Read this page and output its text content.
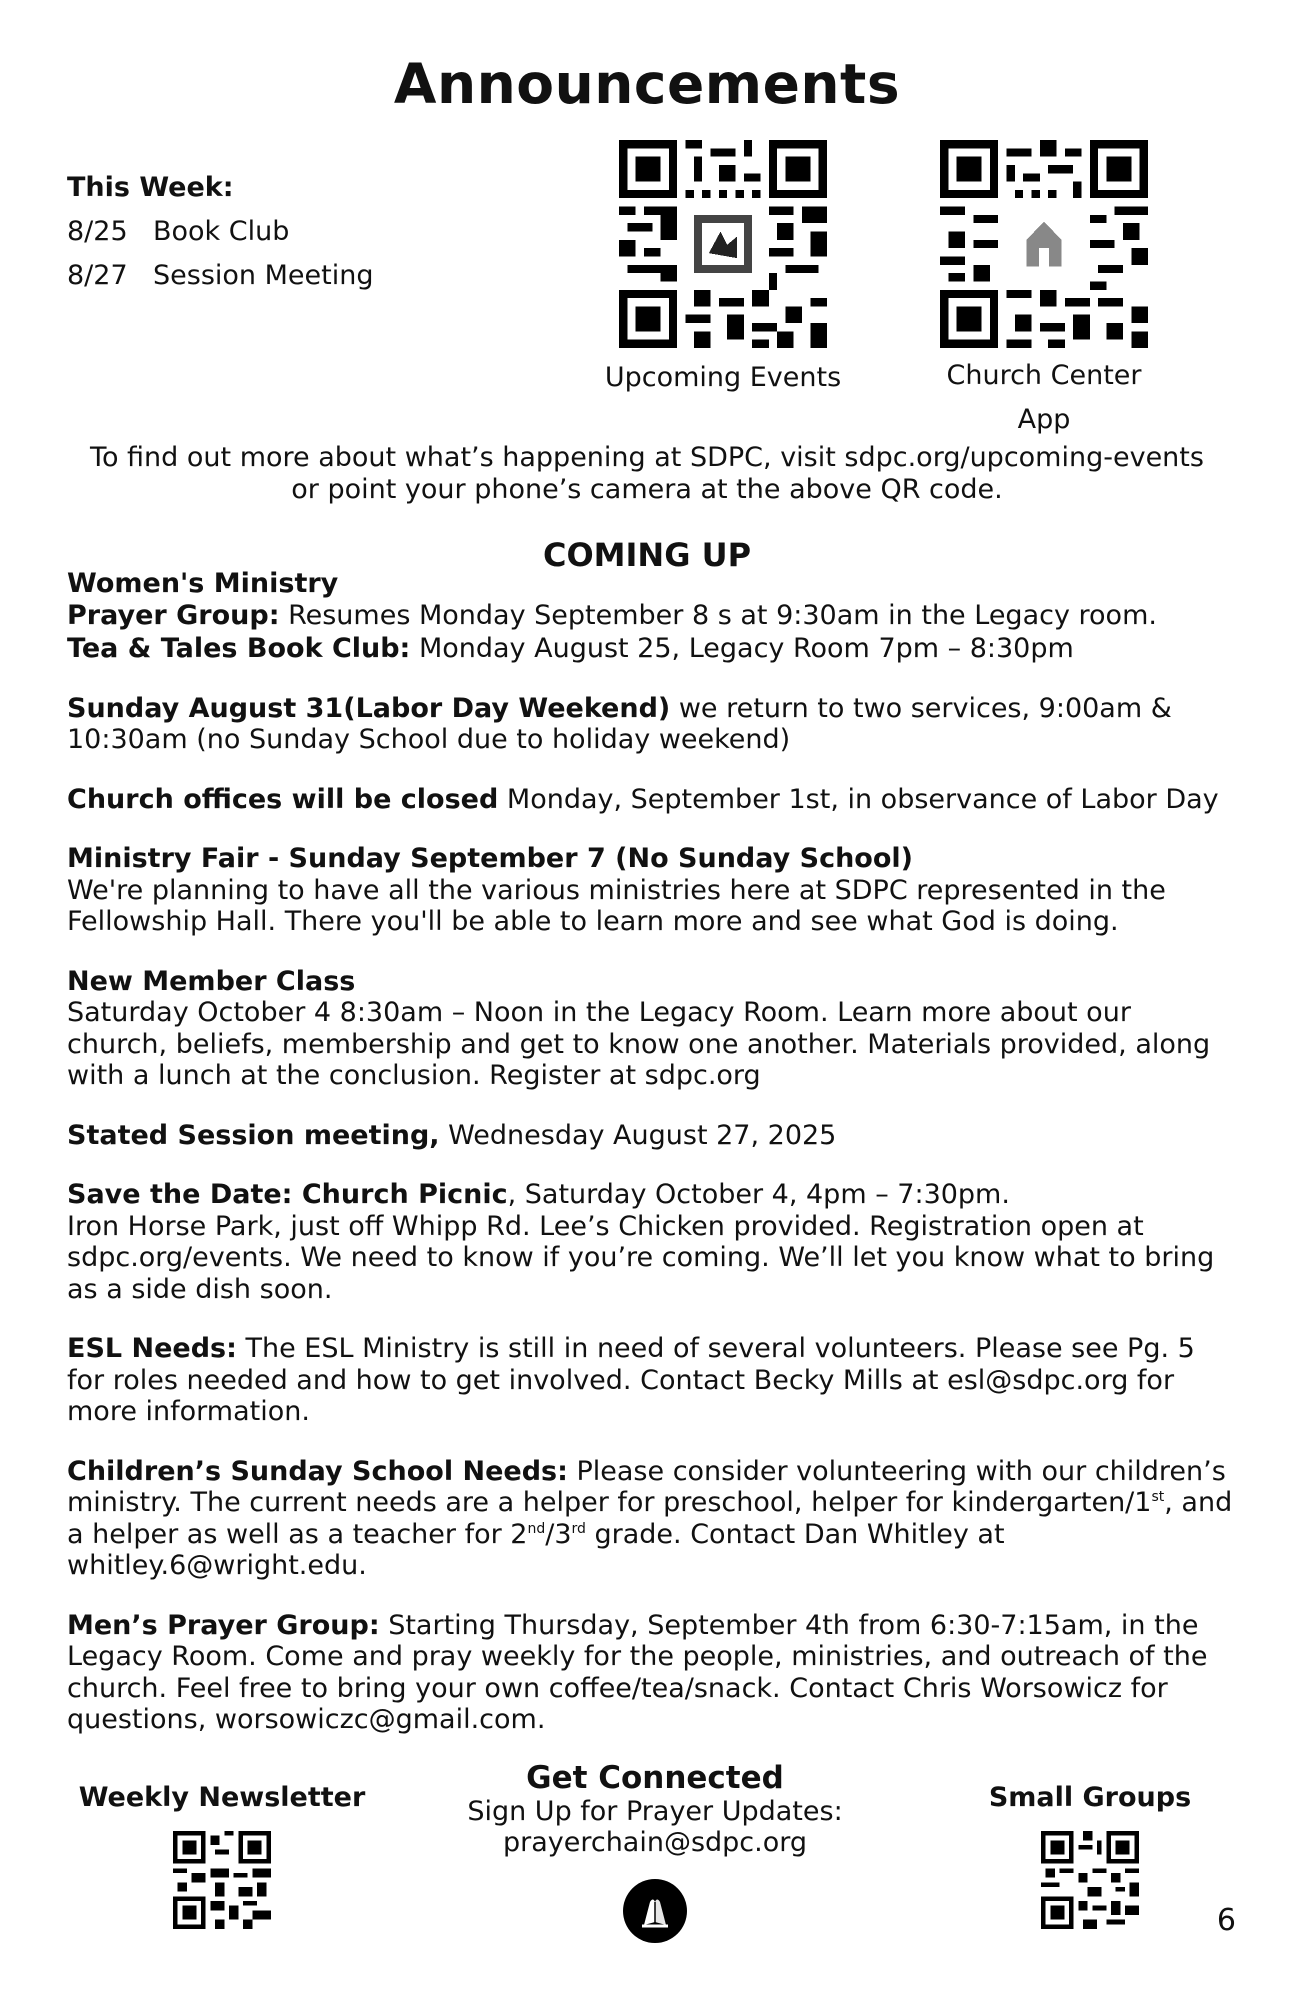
Announcements
This Week:
8/25 Book Club
8/27 Session Meeting
Upcoming Events	Church Center
App
To find out more about what’s happening at SDPC, visit sdpc.org/upcoming-events
or point your phone’s camera at the above QR code.
COMING UP

Women's Ministry
Prayer Group: Resumes Monday September 8 s at 9:30am in the Legacy room.

Tea & Tales Book Club: Monday August 25, Legacy Room 7pm – 8:30pm

Sunday August 31(Labor Day Weekend) we return to two services, 9:00am & 10:30am (no Sunday School due to holiday weekend)

Church offices will be closed Monday, September 1st, in observance of Labor Day

Ministry Fair - Sunday September 7 (No Sunday School)
We're planning to have all the various ministries here at SDPC represented in the Fellowship Hall. There you'll be able to learn more and see what God is doing.

New Member Class
Saturday October 4 8:30am – Noon in the Legacy Room. Learn more about our church, beliefs, membership and get to know one another. Materials provided, along with a lunch at the conclusion. Register at sdpc.org

Stated Session meeting, Wednesday August 27, 2025

Save the Date: Church Picnic, Saturday October 4, 4pm – 7:30pm.
Iron Horse Park, just off Whipp Rd. Lee’s Chicken provided. Registration open at sdpc.org/events. We need to know if you’re coming. We’ll let you know what to bring as a side dish soon.

ESL Needs: The ESL Ministry is still in need of several volunteers. Please see Pg. 5 for roles needed and how to get involved. Contact Becky Mills at esl@sdpc.org for more information.

Children’s Sunday School Needs: Please consider volunteering with our children’s ministry. The current needs are a helper for preschool, helper for kindergarten/1st, and a helper as well as a teacher for 2nd/3rd grade. Contact Dan Whitley at whitley.6@wright.edu.

Men’s Prayer Group: Starting Thursday, September 4th from 6:30-7:15am, in the Legacy Room. Come and pray weekly for the people, ministries, and outreach of the church. Feel free to bring your own coffee/tea/snack. Contact Chris Worsowicz for questions, worsowiczc@gmail.com.

Weekly Newsletter
Get Connected
Sign Up for Prayer Updates:
prayerchain@sdpc.org
Small Groups
6
